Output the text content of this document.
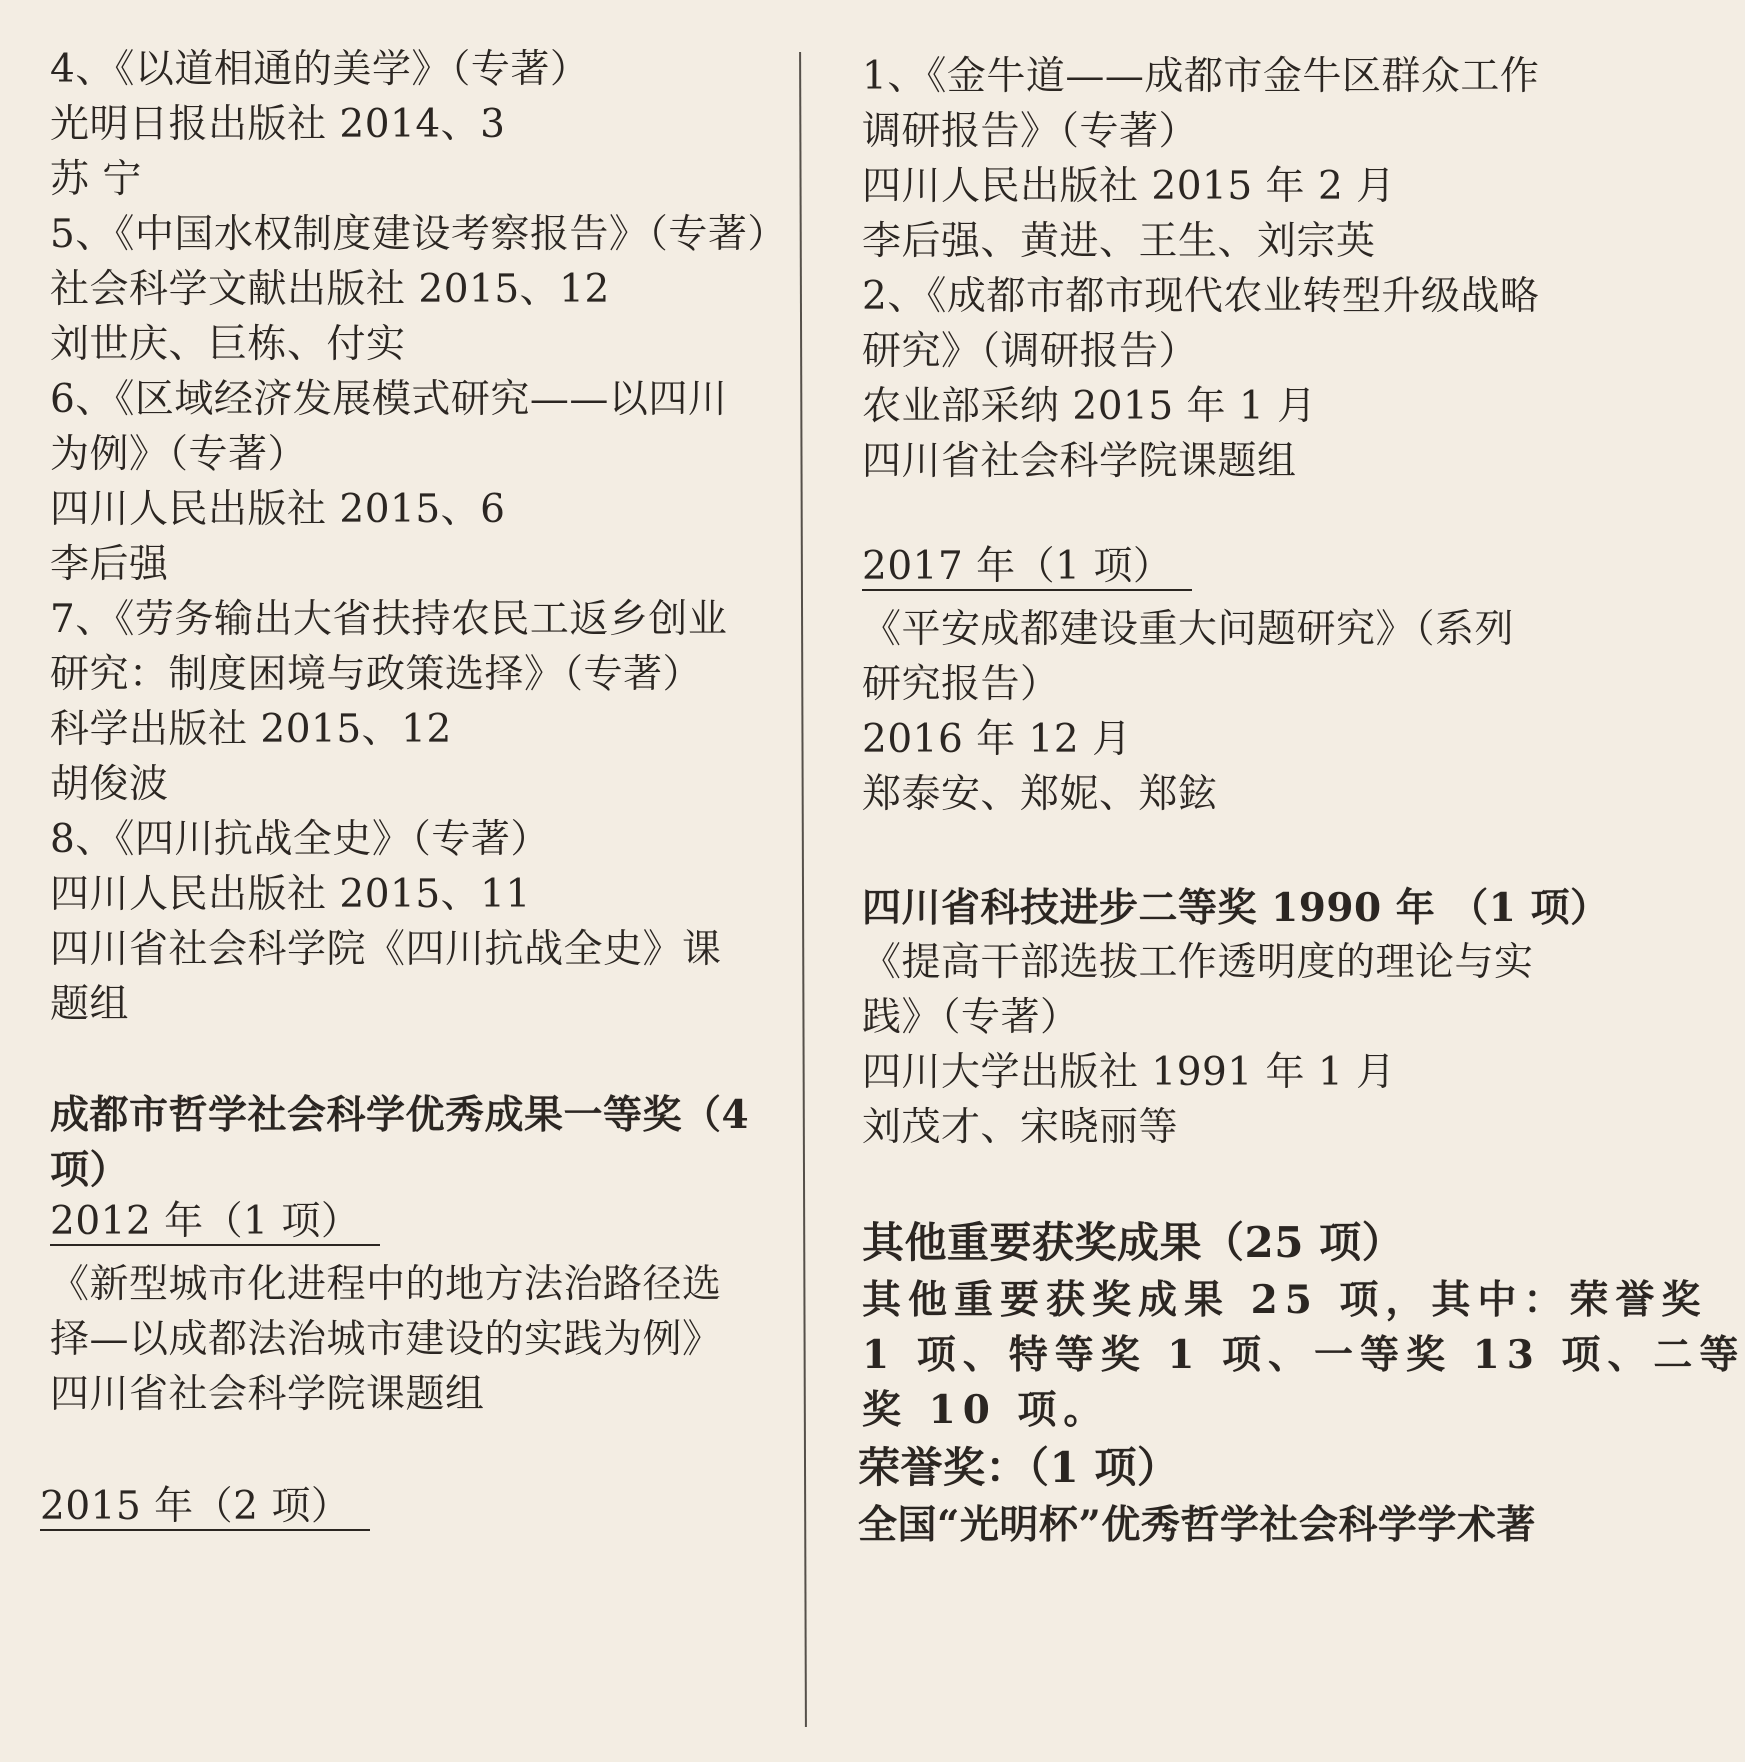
4、《以道相通的美学》（专著）
光明日报出版社 2014、3
苏 宁
5、《中国水权制度建设考察报告》（专著）
社会科学文献出版社 2015、12
刘世庆、巨栋、付实
6、《区域经济发展模式研究——以四川
为例》（专著）
四川人民出版社 2015、6
李后强
7、《劳务输出大省扶持农民工返乡创业
研究：制度困境与政策选择》（专著）
科学出版社 2015、12
胡俊波
8、《四川抗战全史》（专著）
四川人民出版社 2015、11
四川省社会科学院《四川抗战全史》课
题组
成都市哲学社会科学优秀成果一等奖（4
项）
2012 年（1 项）
《新型城市化进程中的地方法治路径选
择—以成都法治城市建设的实践为例》
四川省社会科学院课题组
2015 年（2 项）
1、《金牛道——成都市金牛区群众工作
调研报告》（专著）
四川人民出版社 2015 年 2 月
李后强、黄进、王生、刘宗英
2、《成都市都市现代农业转型升级战略
研究》（调研报告）
农业部采纳 2015 年 1 月
四川省社会科学院课题组
2017 年（1 项）
《平安成都建设重大问题研究》（系列
研究报告）
2016 年 12 月
郑泰安、郑妮、郑鉉
四川省科技进步二等奖 1990 年 （1 项）
《提高干部选拔工作透明度的理论与实
践》（专著）
四川大学出版社 1991 年 1 月
刘茂才、宋晓丽等
其他重要获奖成果（25 项）
其他重要获奖成果 25 项，其中：荣誉奖
1 项、特等奖 1 项、一等奖 13 项、二等
奖 10 项。
荣誉奖：（1 项）
全国“光明杯”优秀哲学社会科学学术著
